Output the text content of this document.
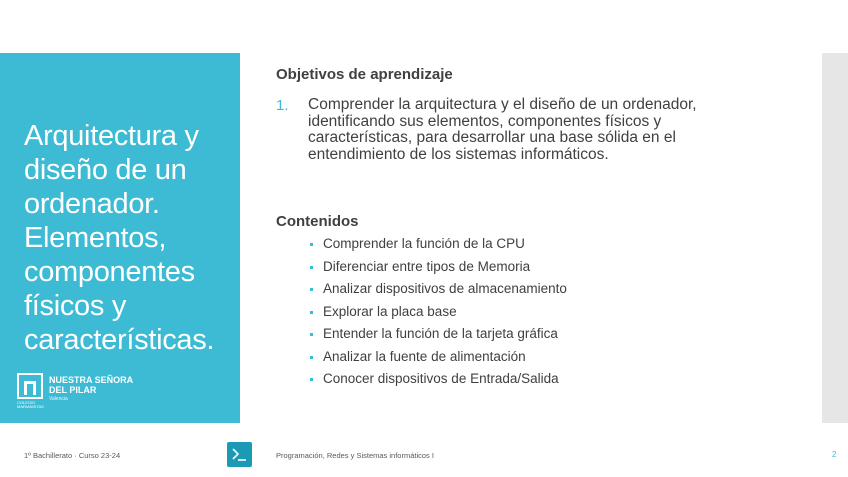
Arquitectura y diseño de un ordenador. Elementos, componentes físicos y características.
NUESTRA SEÑORA
DEL PILAR
Valencia
COLEGIO MARIANISTAS
Objetivos de aprendizaje
1. Comprender la arquitectura y el diseño de un ordenador, identificando sus elementos, componentes físicos y características, para desarrollar una base sólida en el entendimiento de los sistemas informáticos.
Contenidos
Comprender la función de la CPU
Diferenciar entre tipos de Memoria
Analizar dispositivos de almacenamiento
Explorar la placa base
Entender la función de la tarjeta gráfica
Analizar la fuente de alimentación
Conocer dispositivos de Entrada/Salida
1º Bachillerato · Curso 23-24	Programación, Redes y Sistemas informáticos I	2
